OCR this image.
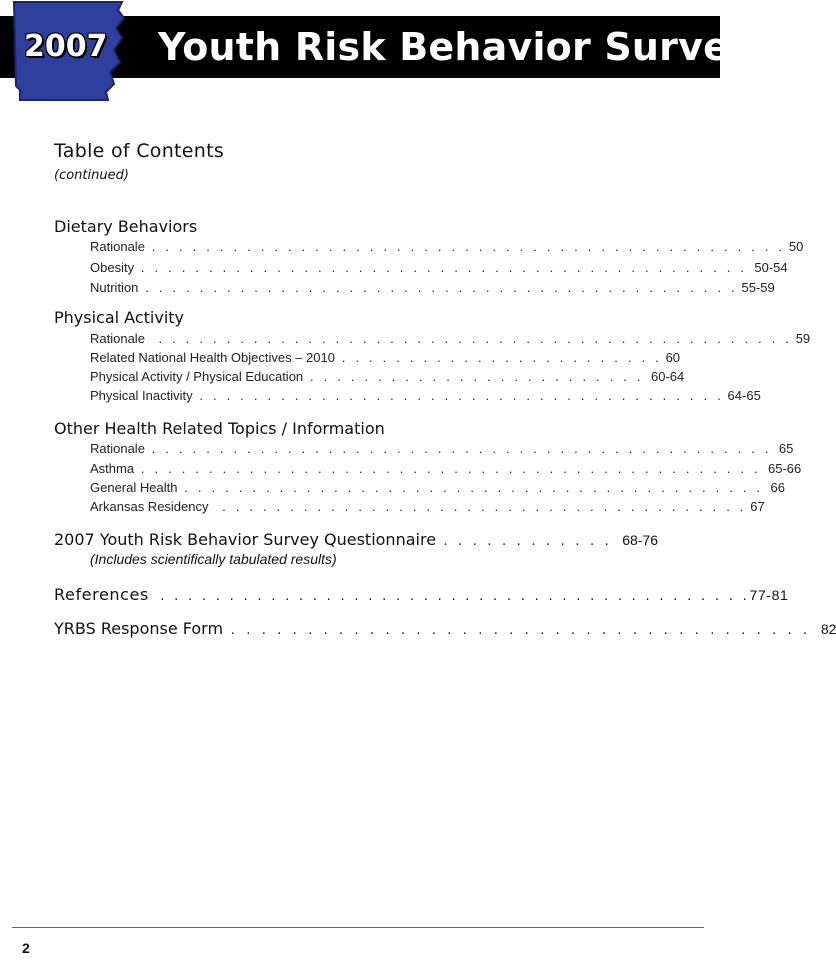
2007	Youth Risk Behavior Survey
Table of Contents
(continued)
Dietary Behaviors
Rationale . . . . . . . . . . . . . . . . . . . . . . . . . . . . . . . . . . . . . . . . . . . . . . . 50
Obesity . . . . . . . . . . . . . . . . . . . . . . . . . . . . . . . . . . . . . . . . . . . . . 50-54
Nutrition . . . . . . . . . . . . . . . . . . . . . . . . . . . . . . . . . . . . . . . . . . . . 55-59
Physical Activity
Rationale  . . . . . . . . . . . . . . . . . . . . . . . . . . . . . . . . . . . . . . . . . . . . . . . 59
Related National Health Objectives – 2010 . . . . . . . . . . . . . . . . . . . . . . . . 60
Physical Activity / Physical Education . . . . . . . . . . . . . . . . . . . . . . . . . 60-64
Physical Inactivity . . . . . . . . . . . . . . . . . . . . . . . . . . . . . . . . . . . . . . . 64-65
Other Health Related Topics / Information
Rationale . . . . . . . . . . . . . . . . . . . . . . . . . . . . . . . . . . . . . . . . . . . . . . 65
Asthma . . . . . . . . . . . . . . . . . . . . . . . . . . . . . . . . . . . . . . . . . . . . . . 65-66
General Health . . . . . . . . . . . . . . . . . . . . . . . . . . . . . . . . . . . . . . . . . . . 66
Arkansas Residency  . . . . . . . . . . . . . . . . . . . . . . . . . . . . . . . . . . . . . . . 67
2007 Youth Risk Behavior Survey Questionnaire . . . . . . . . . . . . 68-76
(Includes scientifically tabulated results)
References . . . . . . . . . . . . . . . . . . . . . . . . . . . . . . . . . . . . . . . . . . .77-81
YRBS Response Form . . . . . . . . . . . . . . . . . . . . . . . . . . . . . . . . . . . . . . 82
2
